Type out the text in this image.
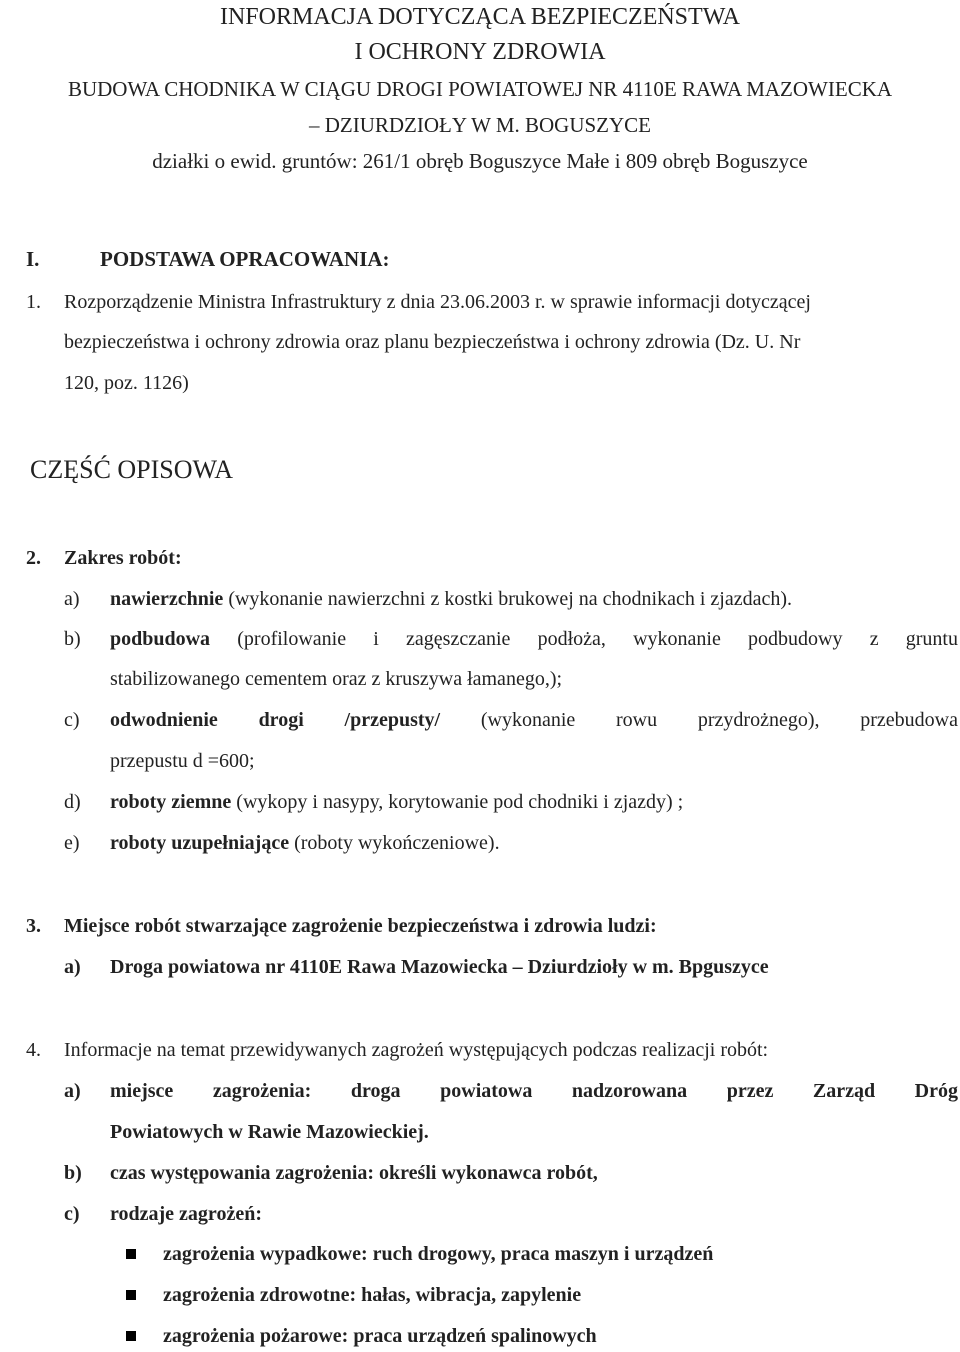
INFORMACJA DOTYCZĄCA BEZPIECZEŃSTWA
I OCHRONY ZDROWIA
BUDOWA CHODNIKA W CIĄGU DROGI POWIATOWEJ NR 4110E RAWA MAZOWIECKA
– DZIURDZIOŁY W M. BOGUSZYCE
działki o ewid. gruntów: 261/1 obręb Boguszyce Małe i 809 obręb Boguszyce
I.	PODSTAWA OPRACOWANIA:
1. Rozporządzenie Ministra Infrastruktury z dnia 23.06.2003 r. w sprawie informacji dotyczącej
bezpieczeństwa i ochrony zdrowia oraz planu bezpieczeństwa i ochrony zdrowia (Dz. U. Nr
120, poz. 1126)
CZĘŚĆ OPISOWA
2. Zakres robót:
a) nawierzchnie (wykonanie nawierzchni z kostki brukowej na chodnikach i zjazdach).
b) podbudowa (profilowanie i zagęszczanie podłoża, wykonanie podbudowy z gruntu
stabilizowanego cementem oraz z kruszywa łamanego,);
c) odwodnienie drogi /przepusty/ (wykonanie rowu przydrożnego), przebudowa
przepustu d =600;
d) roboty ziemne (wykopy i nasypy, korytowanie pod chodniki i zjazdy) ;
e) roboty uzupełniające (roboty wykończeniowe).
3. Miejsce robót stwarzające zagrożenie bezpieczeństwa i zdrowia ludzi:
a) Droga powiatowa nr 4110E Rawa Mazowiecka – Dziurdzioły w m. Bpguszyce
4. Informacje na temat przewidywanych zagrożeń występujących podczas realizacji robót:
a) miejsce zagrożenia: droga powiatowa nadzorowana przez Zarząd Dróg
Powiatowych w Rawie Mazowieckiej.
b) czas występowania zagrożenia: określi wykonawca robót,
c) rodzaje zagrożeń:
zagrożenia wypadkowe: ruch drogowy, praca maszyn i urządzeń
zagrożenia zdrowotne: hałas, wibracja, zapylenie
zagrożenia pożarowe: praca urządzeń spalinowych
